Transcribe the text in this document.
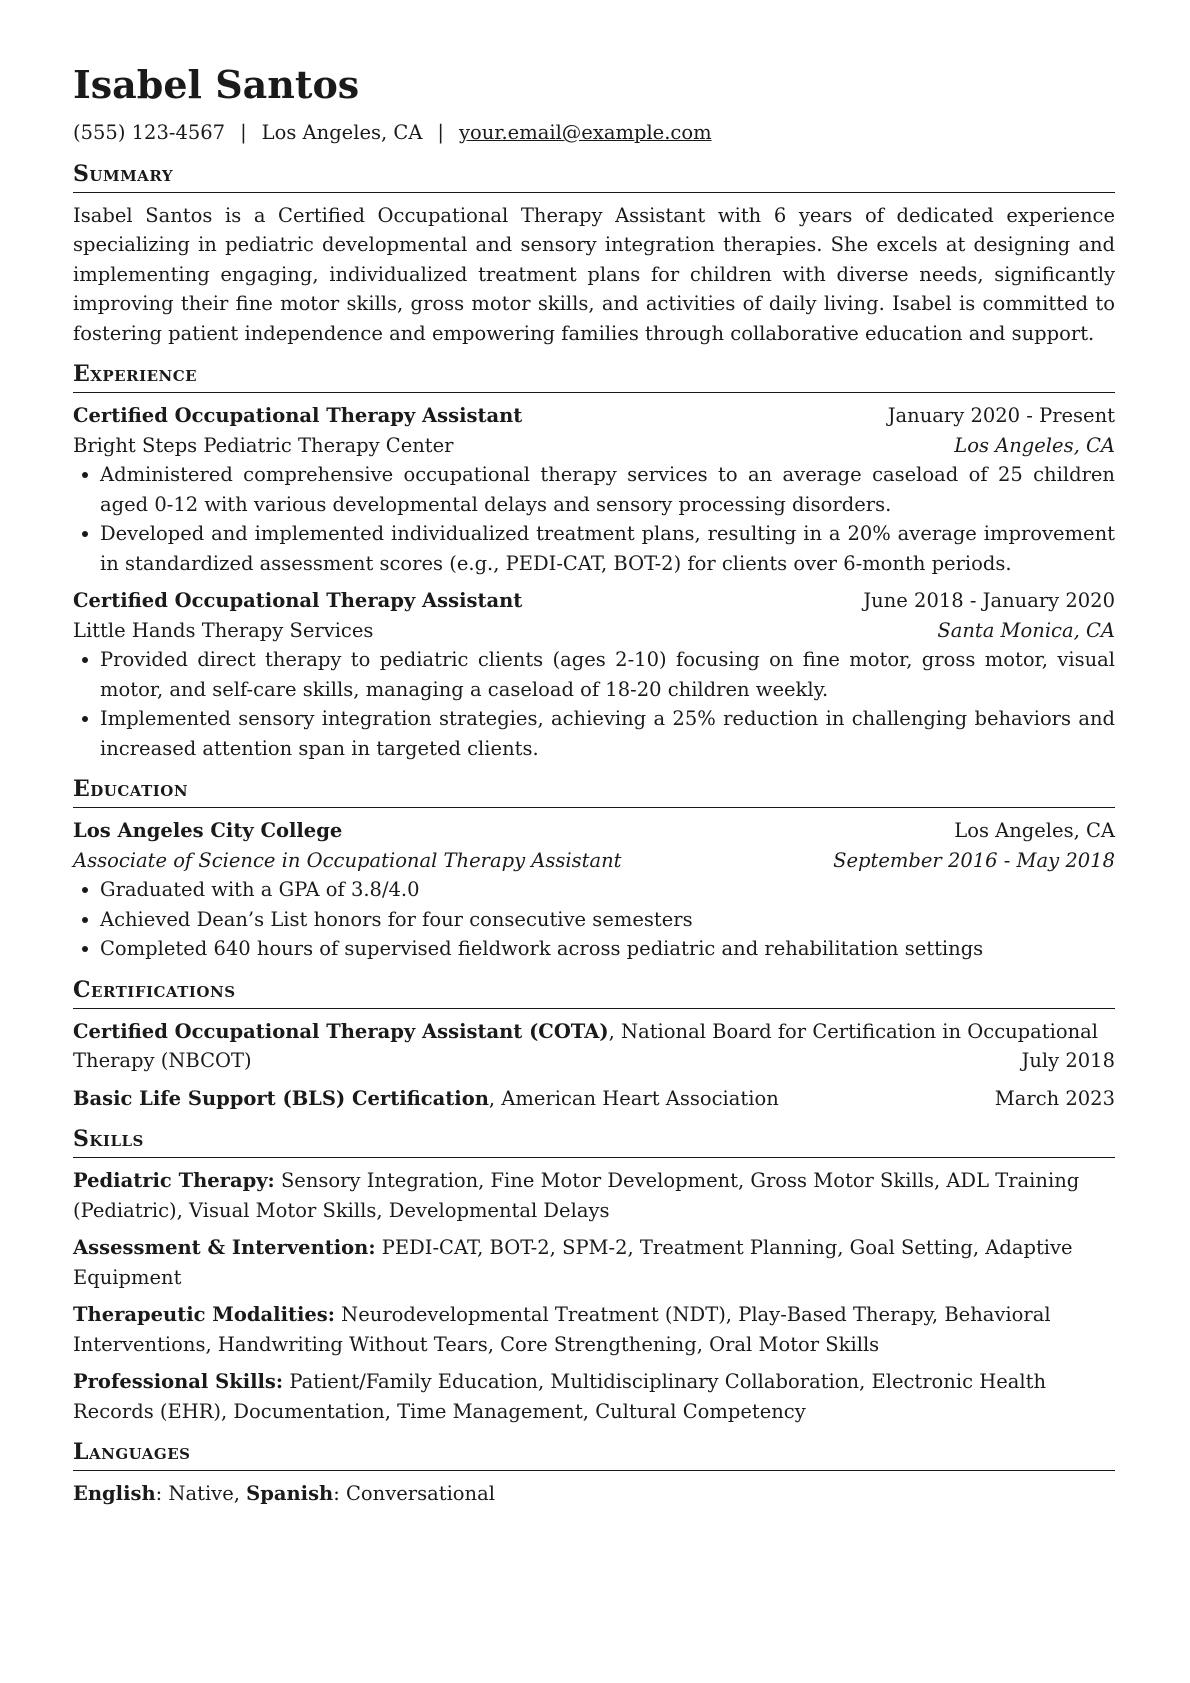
Isabel Santos
(555) 123-4567 | Los Angeles, CA | your.email@example.com
Summary

Isabel Santos is a Certified Occupational Therapy Assistant with 6 years of dedicated experience specializing in pediatric developmental and sensory integration therapies. She excels at designing and implementing engaging, individualized treatment plans for children with diverse needs, significantly improving their fine motor skills, gross motor skills, and activities of daily living. Isabel is committed to fostering patient independence and empowering families through collaborative education and support.

Experience
Certified Occupational Therapy Assistant	January 2020 - Present
Bright Steps Pediatric Therapy Center	Los Angeles, CA
Administered comprehensive occupational therapy services to an average caseload of 25 children aged 0-12 with various developmental delays and sensory processing disorders.
Developed and implemented individualized treatment plans, resulting in a 20% average improvement in standardized assessment scores (e.g., PEDI-CAT, BOT-2) for clients over 6-month periods.
Certified Occupational Therapy Assistant	June 2018 - January 2020
Little Hands Therapy Services	Santa Monica, CA
Provided direct therapy to pediatric clients (ages 2-10) focusing on fine motor, gross motor, visual motor, and self-care skills, managing a caseload of 18-20 children weekly.
Implemented sensory integration strategies, achieving a 25% reduction in challenging behaviors and increased attention span in targeted clients.
Education
Los Angeles City College	Los Angeles, CA
Associate of Science in Occupational Therapy Assistant	September 2016 - May 2018
Graduated with a GPA of 3.8/4.0
Achieved Dean’s List honors for four consecutive semesters
Completed 640 hours of supervised fieldwork across pediatric and rehabilitation settings
Certifications
Certified Occupational Therapy Assistant (COTA), National Board for Certification in Occupational
Therapy (NBCOT)	July 2018
Basic Life Support (BLS) Certification, American Heart Association	March 2023
Skills
Pediatric Therapy: Sensory Integration, Fine Motor Development, Gross Motor Skills, ADL Training (Pediatric), Visual Motor Skills, Developmental Delays
Assessment & Intervention: PEDI-CAT, BOT-2, SPM-2, Treatment Planning, Goal Setting, Adaptive Equipment
Therapeutic Modalities: Neurodevelopmental Treatment (NDT), Play-Based Therapy, Behavioral Interventions, Handwriting Without Tears, Core Strengthening, Oral Motor Skills
Professional Skills: Patient/Family Education, Multidisciplinary Collaboration, Electronic Health Records (EHR), Documentation, Time Management, Cultural Competency
Languages
English: Native, Spanish: Conversational
